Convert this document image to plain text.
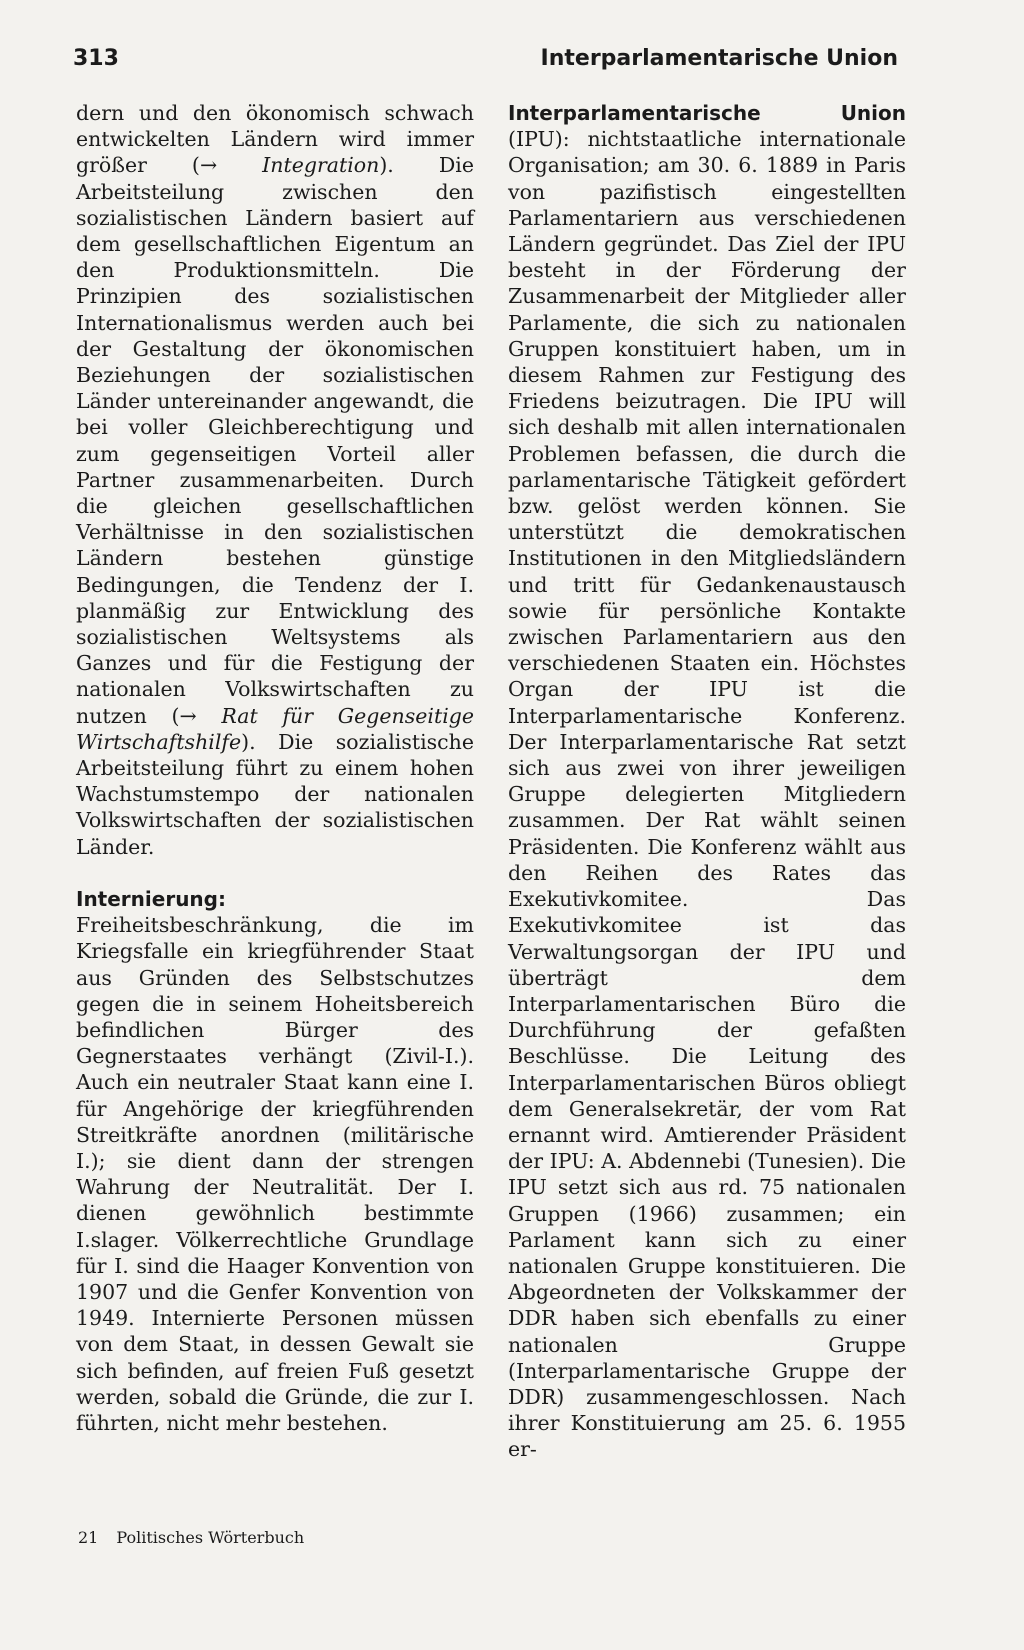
313	Interparlamentarische Union

dern und den ökonomisch schwach entwickelten Ländern wird immer größer (→ Integration). Die Arbeitsteilung zwischen den sozialistischen Ländern basiert auf dem gesellschaftlichen Eigentum an den Produktionsmitteln. Die Prinzipien des sozialistischen Internationalismus werden auch bei der Gestaltung der ökonomischen Beziehungen der sozialistischen Länder untereinander angewandt, die bei voller Gleichberechtigung und zum gegenseitigen Vorteil aller Partner zusammenarbeiten. Durch die gleichen gesellschaftlichen Verhältnisse in den sozialistischen Ländern bestehen günstige Bedingungen, die Tendenz der I. planmäßig zur Entwicklung des sozialistischen Weltsystems als Ganzes und für die Festigung der nationalen Volkswirtschaften zu nutzen (→ Rat für Gegenseitige Wirtschaftshilfe). Die sozialistische Arbeitsteilung führt zu einem hohen Wachstumstempo der nationalen Volkswirtschaften der sozialistischen Länder.

Internierung: Freiheitsbeschränkung, die im Kriegsfalle ein kriegführender Staat aus Gründen des Selbstschutzes gegen die in seinem Hoheitsbereich befindlichen Bürger des Gegnerstaates verhängt (Zivil-I.). Auch ein neutraler Staat kann eine I. für Angehörige der kriegführenden Streitkräfte anordnen (militärische I.); sie dient dann der strengen Wahrung der Neutralität. Der I. dienen gewöhnlich bestimmte I.slager. Völkerrechtliche Grundlage für I. sind die Haager Konvention von 1907 und die Genfer Konvention von 1949. Internierte Personen müssen von dem Staat, in dessen Gewalt sie sich befinden, auf freien Fuß gesetzt werden, sobald die Gründe, die zur I. führten, nicht mehr bestehen.

Interparlamentarische	Union

(IPU): nichtstaatliche internationale Organisation; am 30. 6. 1889 in Paris von pazifistisch eingestellten Parlamentariern aus verschiedenen Ländern gegründet. Das Ziel der IPU besteht in der Förderung der Zusammenarbeit der Mitglieder aller Parlamente, die sich zu nationalen Gruppen konstituiert haben, um in diesem Rahmen zur Festigung des Friedens beizutragen. Die IPU will sich deshalb mit allen internationalen Problemen befassen, die durch die parlamentarische Tätigkeit gefördert bzw. gelöst werden können. Sie unterstützt die demokratischen Institutionen in den Mitgliedsländern und tritt für Gedankenaustausch sowie für persönliche Kontakte zwischen Parlamentariern aus den verschiedenen Staaten ein. Höchstes Organ der IPU ist die Interparlamentarische Konferenz. Der Interparlamentarische Rat setzt sich aus zwei von ihrer jeweiligen Gruppe delegierten Mitgliedern zusammen. Der Rat wählt seinen Präsidenten. Die Konferenz wählt aus den Reihen des Rates das Exekutivkomitee. Das Exekutivkomitee ist das Verwaltungsorgan der IPU und überträgt dem Interparlamentarischen Büro die Durchführung der gefaßten Beschlüsse. Die Leitung des Interparlamentarischen Büros obliegt dem Generalsekretär, der vom Rat ernannt wird. Amtierender Präsident der IPU: A. Abdennebi (Tunesien). Die IPU setzt sich aus rd. 75 nationalen Gruppen (1966) zusammen; ein Parlament kann sich zu einer nationalen Gruppe konstituieren. Die Abgeordneten der Volkskammer der DDR haben sich ebenfalls zu einer nationalen Gruppe (Interparlamentarische Gruppe der DDR) zusammengeschlossen. Nach ihrer Konstituierung am 25. 6. 1955 er-

21 Politisches Wörterbuch
